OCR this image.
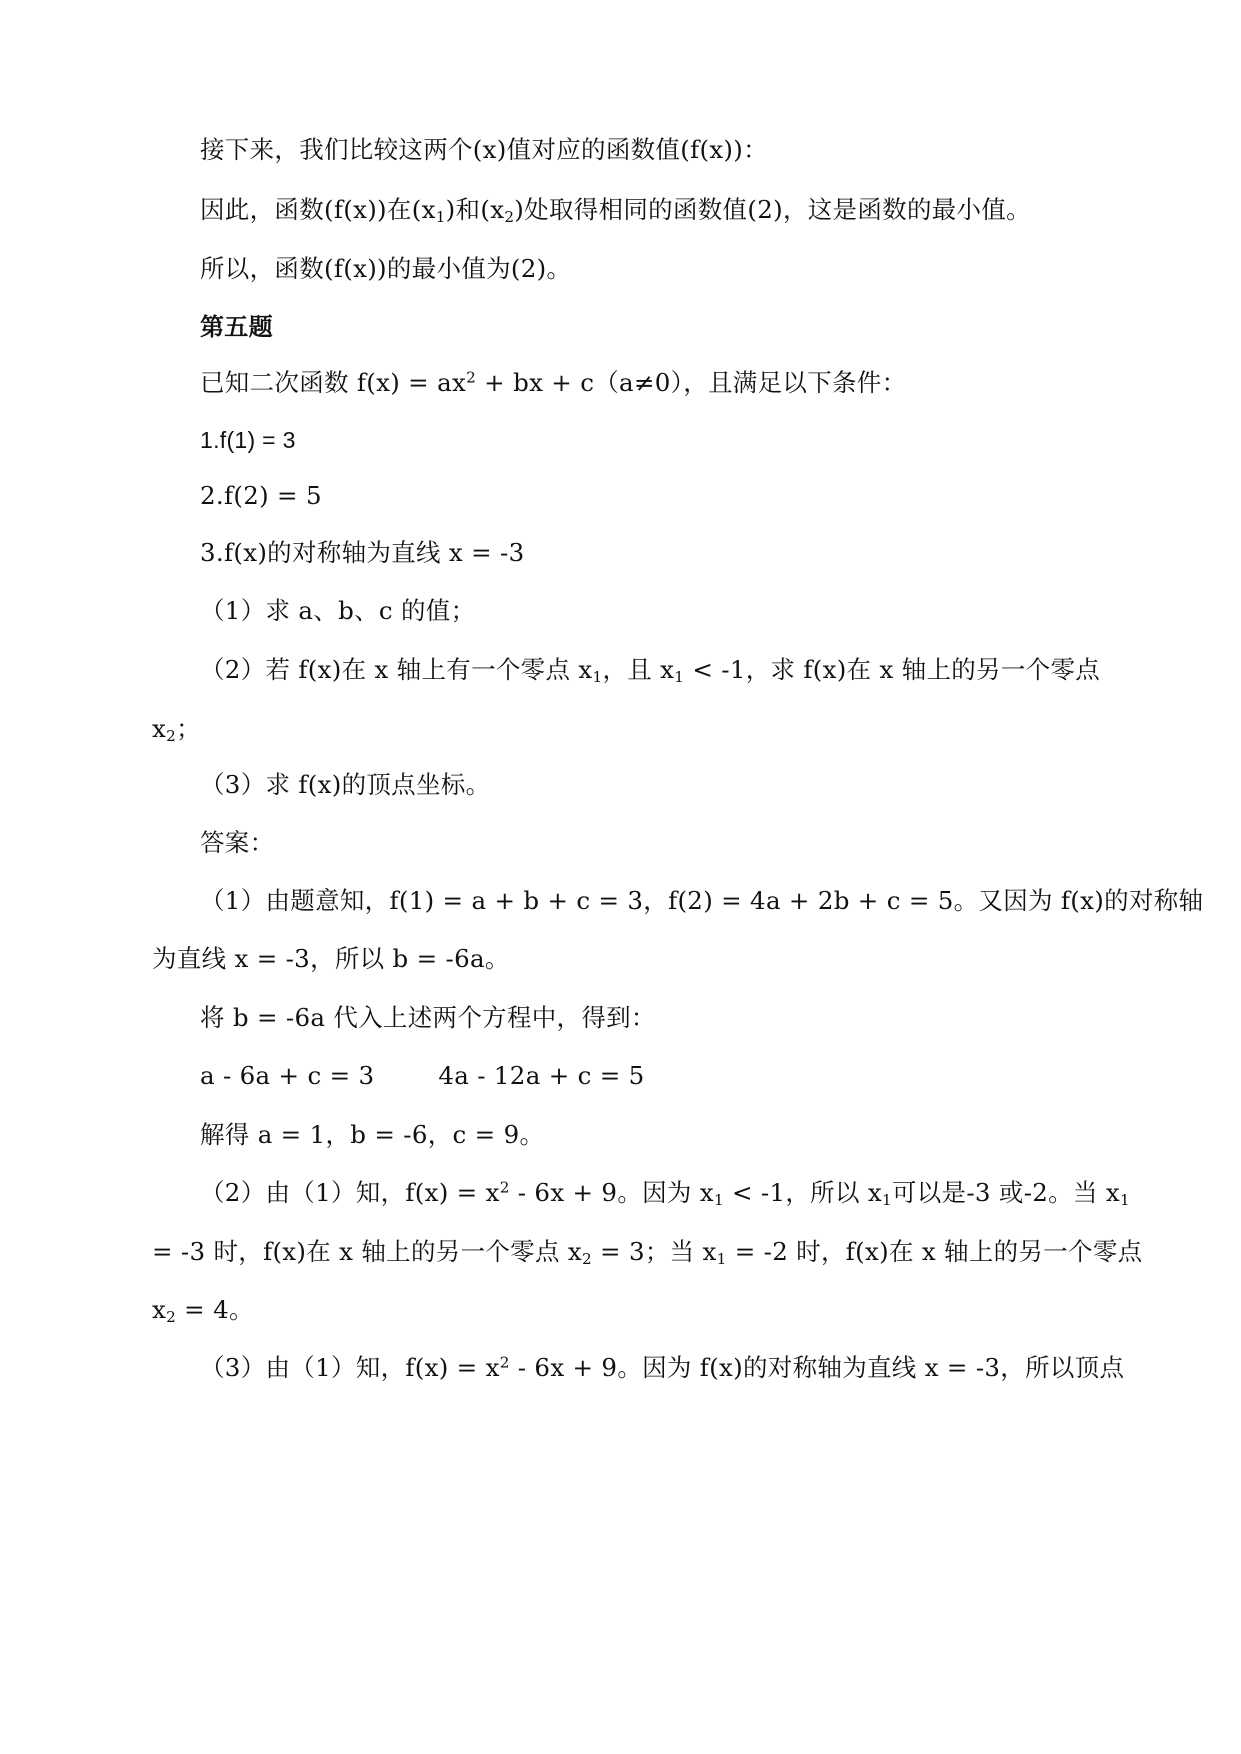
接下来，我们比较这两个(x)值对应的函数值(f(x))：
因此，函数(f(x))在$(x_1)$和$(x_2)$处取得相同的函数值(2)，这是函数的最小值。
所以，函数(f(x))的最小值为(2)。
第五题
已知二次函数 $f(x) = ax^2$ + bx + c（a≠0），且满足以下条件：
1.f(1) = 3
2.f(2) = 5
3.f(x)的对称轴为直线 x = -3
（1）求 a、b、c 的值；
（2）若 f(x)在 x 轴上有一个零点 $x_1$，且 $x_1 < -1$，求 f(x)在 x 轴上的另一个零点
$x_2$；
（3）求 f(x)的顶点坐标。
答案：
（1）由题意知，f(1) = a + b + c = 3，f(2) = 4a + 2b + c = 5。又因为 f(x)的对称轴
为直线 x = -3，所以 b = -6a。
将 b = -6a 代入上述两个方程中，得到：
a - 6a + c = 3	4a - 12a + c = 5
解得 a = 1，b = -6，c = 9。
（2）由（1）知，$f(x) = x^2 - 6x + 9$。因为 $x_1 < -1$，所以 $x_1$可以是-3 或-2。当 $x_1$
= -3 时，f(x)在 x 轴上的另一个零点 $x_2 = 3$；当 $x_1 = -2$ 时，f(x)在 x 轴上的另一个零点
$x_2 = 4$。
（3）由（1）知，$f(x) = x^2 - 6x + 9$。因为 f(x)的对称轴为直线 x = -3，所以顶点
